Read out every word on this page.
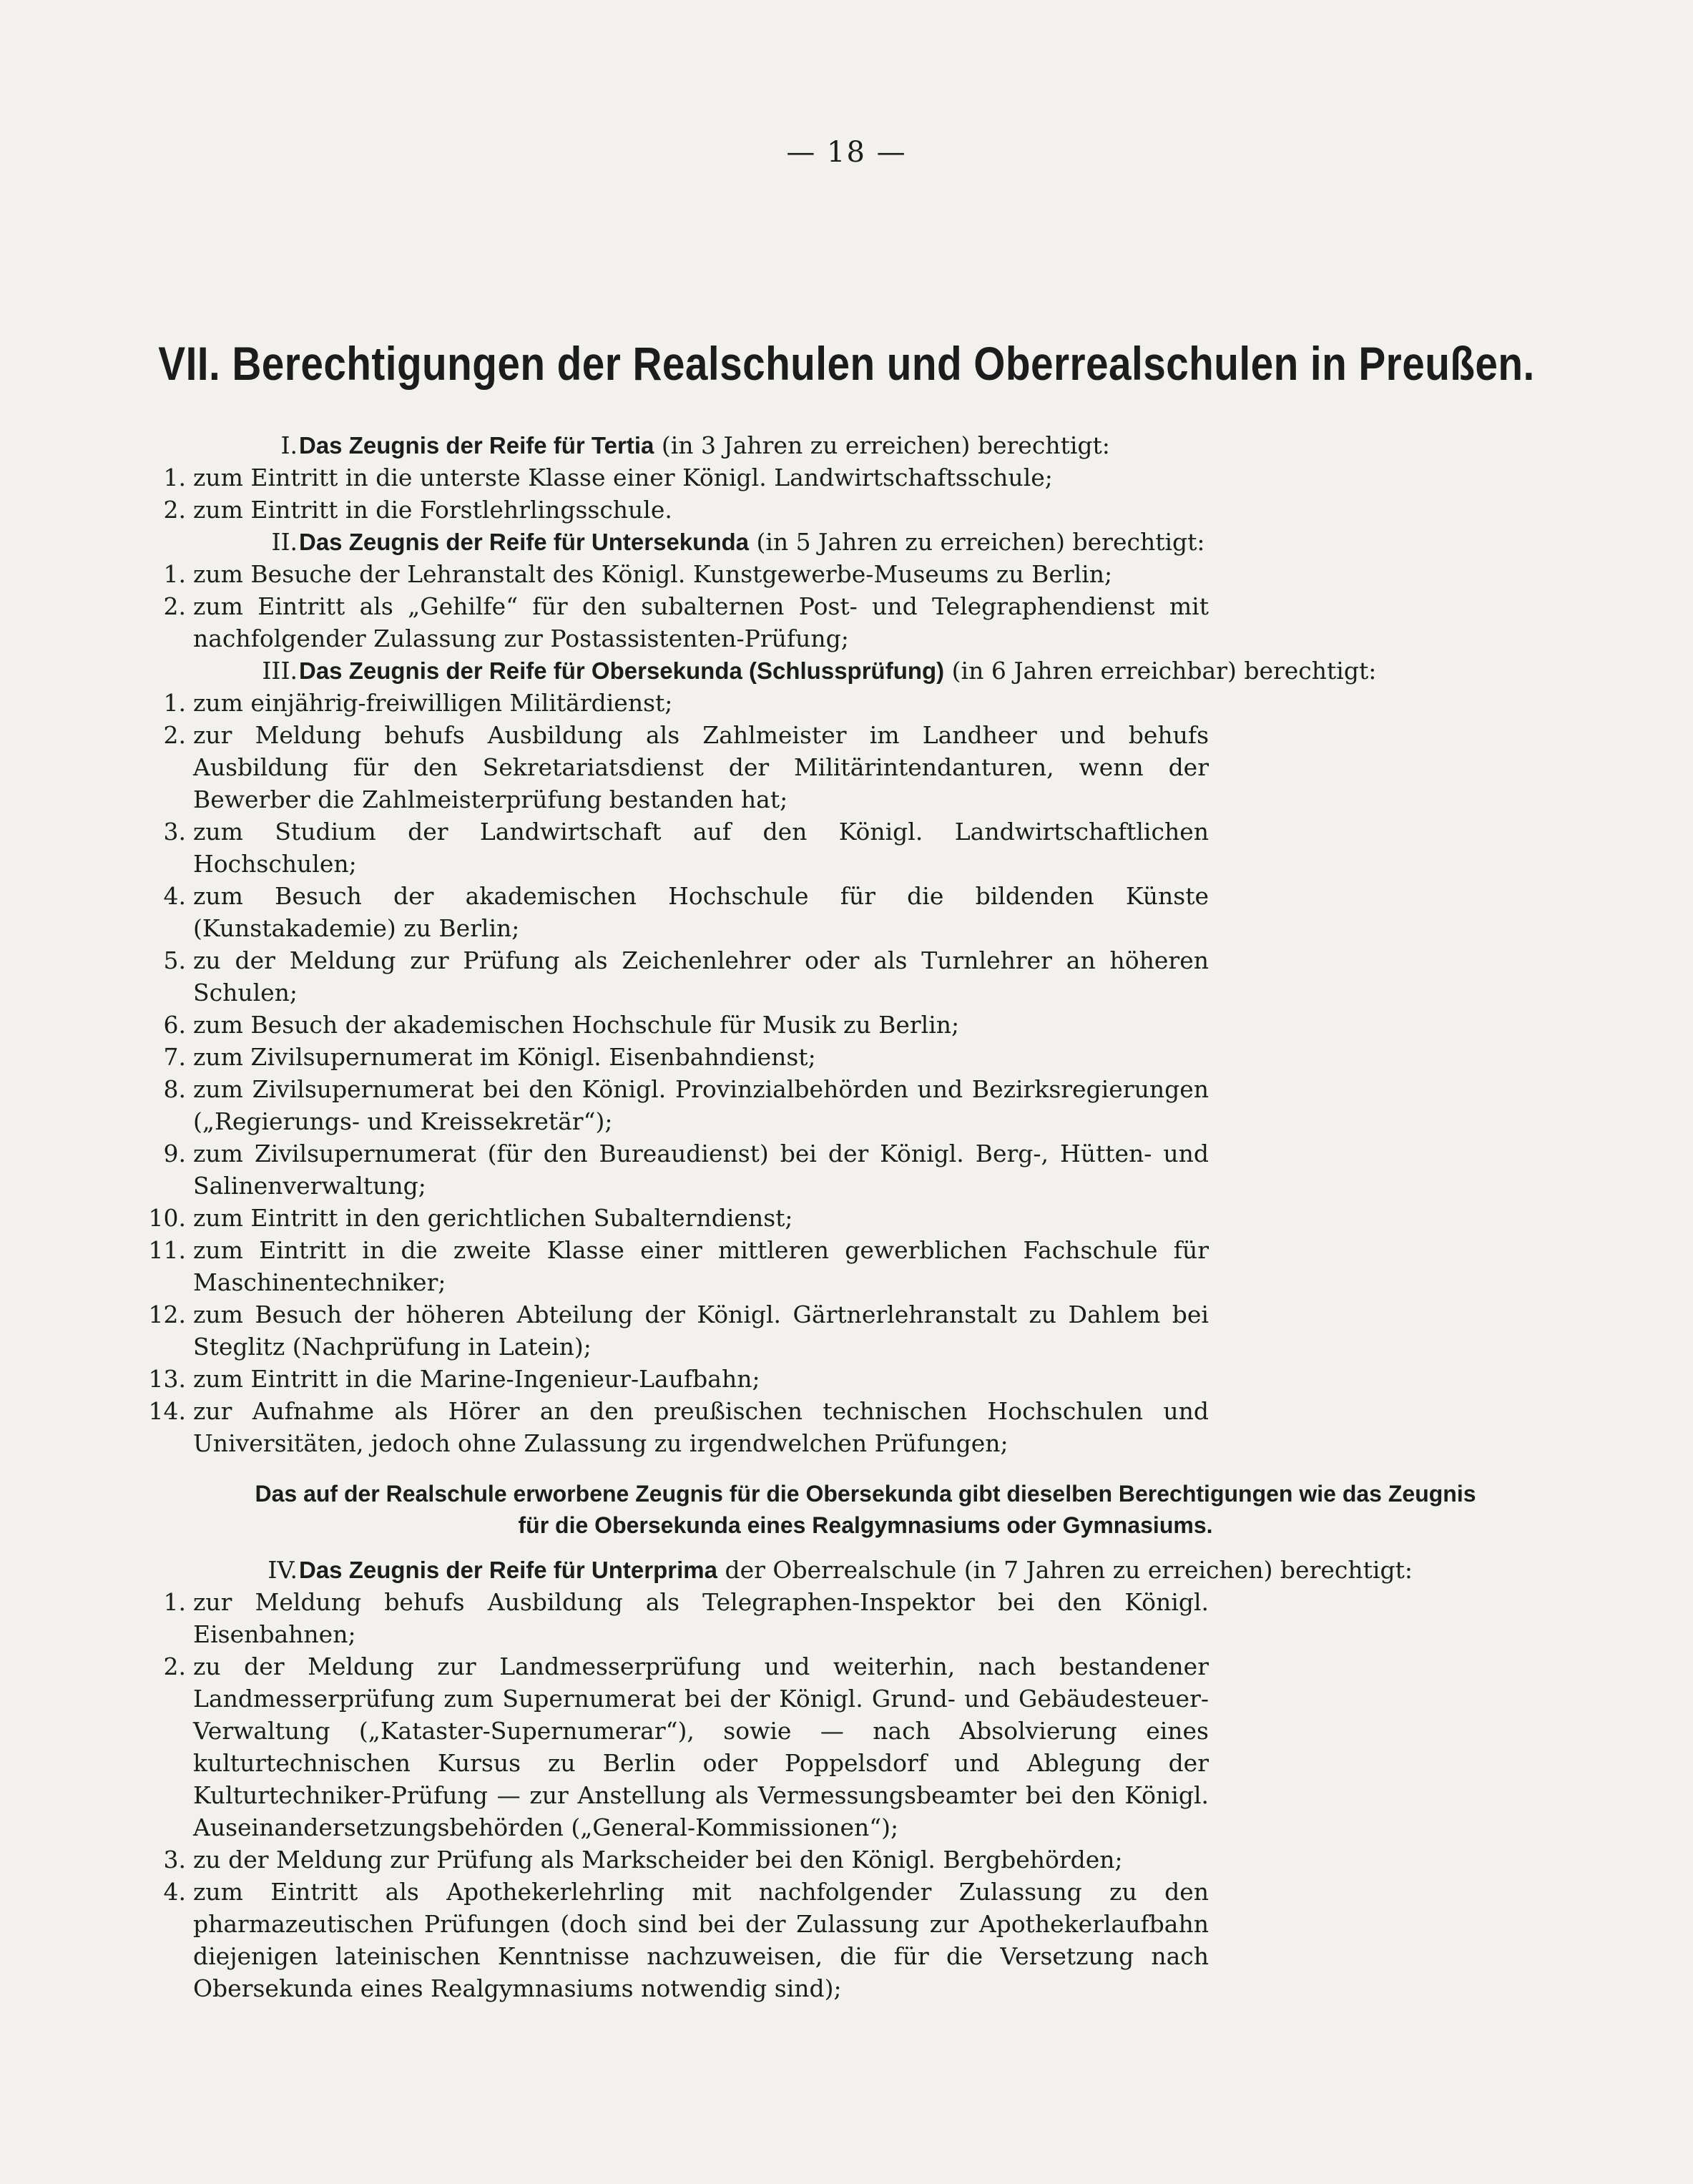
— 18 —
VII. Berechtigungen der Realschulen und Oberrealschulen in Preußen.
I. Das Zeugnis der Reife für Tertia (in 3 Jahren zu erreichen) berechtigt:
1. zum Eintritt in die unterste Klasse einer Königl. Landwirtschaftsschule;
2. zum Eintritt in die Forstlehrlingsschule.
II. Das Zeugnis der Reife für Untersekunda (in 5 Jahren zu erreichen) berechtigt:
1. zum Besuche der Lehranstalt des Königl. Kunstgewerbe-Museums zu Berlin;
2. zum Eintritt als „Gehilfe“ für den subalternen Post- und Telegraphendienst mit nachfolgender Zulassung zur Postassistenten-Prüfung;
III. Das Zeugnis der Reife für Obersekunda (Schlussprüfung) (in 6 Jahren erreichbar) berechtigt:
1. zum einjährig-freiwilligen Militärdienst;
2. zur Meldung behufs Ausbildung als Zahlmeister im Landheer und behufs Ausbildung für den Sekretariatsdienst der Militärintendanturen, wenn der Bewerber die Zahlmeisterprüfung bestanden hat;
3. zum Studium der Landwirtschaft auf den Königl. Landwirtschaftlichen Hochschulen;
4. zum Besuch der akademischen Hochschule für die bildenden Künste (Kunstakademie) zu Berlin;
5. zu der Meldung zur Prüfung als Zeichenlehrer oder als Turnlehrer an höheren Schulen;
6. zum Besuch der akademischen Hochschule für Musik zu Berlin;
7. zum Zivilsupernumerat im Königl. Eisenbahndienst;
8. zum Zivilsupernumerat bei den Königl. Provinzialbehörden und Bezirksregierungen („Regierungs- und Kreissekretär“);
9. zum Zivilsupernumerat (für den Bureaudienst) bei der Königl. Berg-, Hütten- und Salinenverwaltung;
10. zum Eintritt in den gerichtlichen Subalterndienst;
11. zum Eintritt in die zweite Klasse einer mittleren gewerblichen Fachschule für Maschinentechniker;
12. zum Besuch der höheren Abteilung der Königl. Gärtnerlehranstalt zu Dahlem bei Steglitz (Nachprüfung in Latein);
13. zum Eintritt in die Marine-Ingenieur-Laufbahn;
14. zur Aufnahme als Hörer an den preußischen technischen Hochschulen und Universitäten, jedoch ohne Zulassung zu irgendwelchen Prüfungen;
Das auf der Realschule erworbene Zeugnis für die Obersekunda gibt dieselben Berechtigungen wie das Zeugnis für die Obersekunda eines Realgymnasiums oder Gymnasiums.
IV. Das Zeugnis der Reife für Unterprima der Oberrealschule (in 7 Jahren zu erreichen) berechtigt:
1. zur Meldung behufs Ausbildung als Telegraphen-Inspektor bei den Königl. Eisenbahnen;
2. zu der Meldung zur Landmesserprüfung und weiterhin, nach bestandener Landmesserprüfung zum Supernumerat bei der Königl. Grund- und Gebäudesteuer-Verwaltung („Kataster-Supernumerar“), sowie — nach Absolvierung eines kulturtechnischen Kursus zu Berlin oder Poppelsdorf und Ablegung der Kulturtechniker-Prüfung — zur Anstellung als Vermessungsbeamter bei den Königl. Auseinandersetzungsbehörden („General-Kommissionen“);
3. zu der Meldung zur Prüfung als Markscheider bei den Königl. Bergbehörden;
4. zum Eintritt als Apothekerlehrling mit nachfolgender Zulassung zu den pharmazeutischen Prüfungen (doch sind bei der Zulassung zur Apothekerlaufbahn diejenigen lateinischen Kenntnisse nachzuweisen, die für die Versetzung nach Obersekunda eines Realgymnasiums notwendig sind);
